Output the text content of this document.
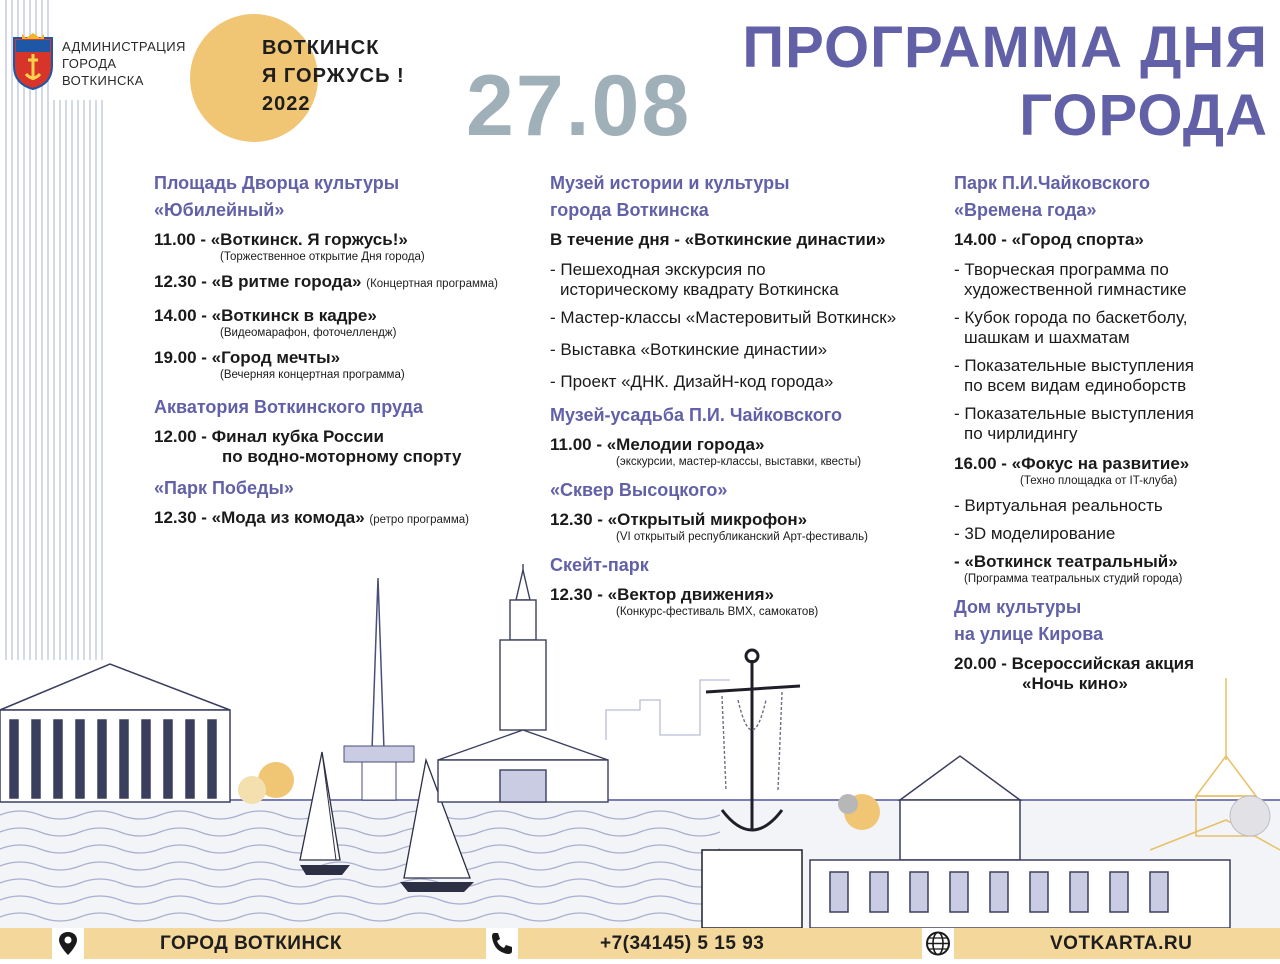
АДМИНИСТРАЦИЯ
ГОРОДА
ВОТКИНСКА
ВОТКИНСК
Я ГОРЖУСЬ !
2022	27.08
ПРОГРАММА ДНЯ
ГОРОДА
Площадь Дворца культуры
«Юбилейный»
11.00 - «Воткинск. Я горжусь!»
(Торжественное открытие Дня города)
12.30 - «В ритме города» (Концертная программа)
14.00 - «Воткинск в кадре»
(Видеомарафон, фоточеллендж)
19.00 - «Город мечты»
(Вечерняя концертная программа)
Акватория Воткинского пруда
12.00 - Финал кубка России
по водно-моторному спорту
«Парк Победы»
12.30 - «Мода из комода» (ретро программа)
Музей истории и культуры
города Воткинска
В течение дня - «Воткинские династии»
- Пешеходная экскурсия по
историческому квадрату Воткинска
- Мастер-классы «Мастеровитый Воткинск»
- Выставка «Воткинские династии»
- Проект «ДНК. ДизайН-код города»
Музей-усадьба П.И. Чайковского
11.00 - «Мелодии города»
(экскурсии, мастер-классы, выставки, квесты)
«Сквер Высоцкого»
12.30 - «Открытый микрофон»
(VI открытый республиканский Арт-фестиваль)
Скейт-парк
12.30 - «Вектор движения»
(Конкурс-фестиваль ВМХ, самокатов)
Парк П.И.Чайковского
«Времена года»
14.00 - «Город спорта»
- Творческая программа по
художественной гимнастике
- Кубок города по баскетболу,
шашкам и шахматам
- Показательные выступления
по всем видам единоборств
- Показательные выступления
по чирлидингу
16.00 - «Фокус на развитие»
(Техно площадка от IT-клуба)
- Виртуальная реальность
- 3D моделирование
- «Воткинск театральный»
(Программа театральных студий города)
Дом культуры
на улице Кирова
20.00 - Всероссийская акция
«Ночь кино»
ГОРОД ВОТКИНСК	+7(34145) 5 15 93	VOTKARTA.RU
